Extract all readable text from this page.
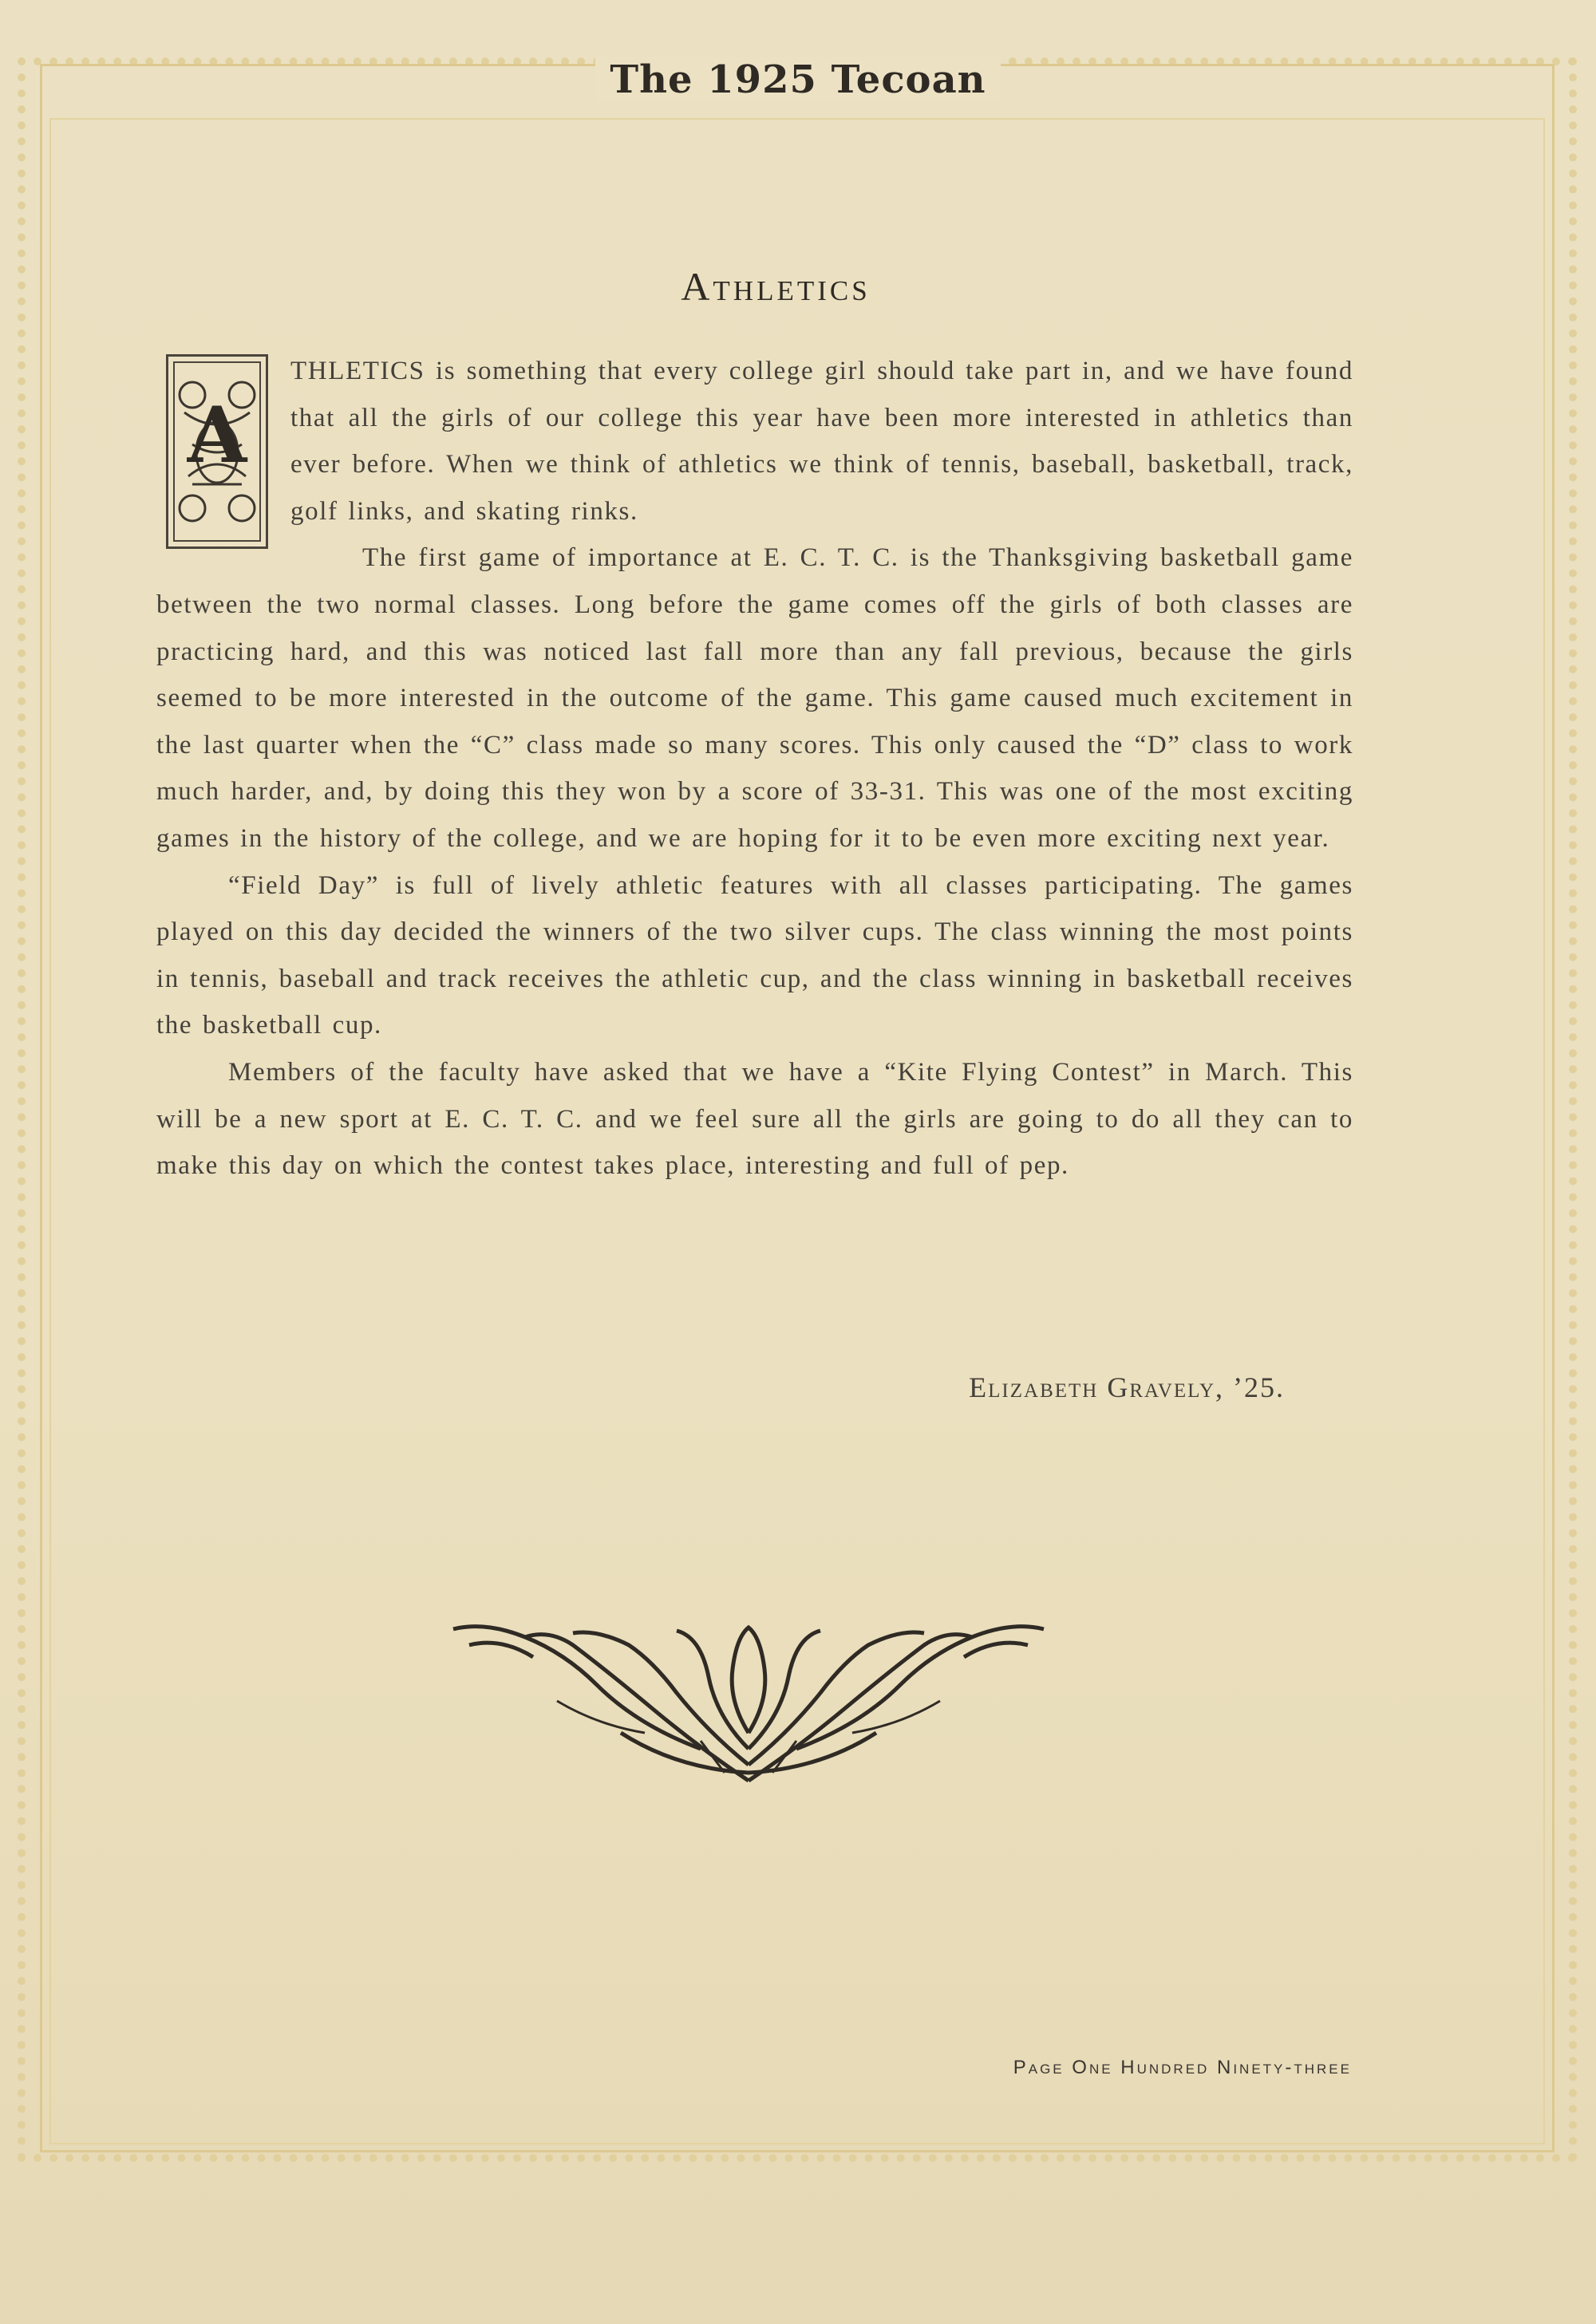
The 1925 Tecoan
Athletics
A

THLETICS is something that every college girl should take part in, and we have found that all the girls of our college this year have been more interested in athletics than ever before. When we think of athletics we think of tennis, baseball, basketball, track, golf links, and skating rinks.

The first game of importance at E. C. T. C. is the Thanksgiving basketball game between the two normal classes. Long before the game comes off the girls of both classes are practicing hard, and this was noticed last fall more than any fall previous, because the girls seemed to be more interested in the outcome of the game. This game caused much excitement in the last quarter when the “C” class made so many scores. This only caused the “D” class to work much harder, and, by doing this they won by a score of 33-31. This was one of the most exciting games in the history of the college, and we are hoping for it to be even more exciting next year.

“Field Day” is full of lively athletic features with all classes participating. The games played on this day decided the winners of the two silver cups. The class winning the most points in tennis, baseball and track receives the athletic cup, and the class winning in basketball receives the basketball cup.

Members of the faculty have asked that we have a “Kite Flying Contest” in March. This will be a new sport at E. C. T. C. and we feel sure all the girls are going to do all they can to make this day on which the contest takes place, interesting and full of pep.

Elizabeth Gravely, ’25.
Page One Hundred Ninety-three
